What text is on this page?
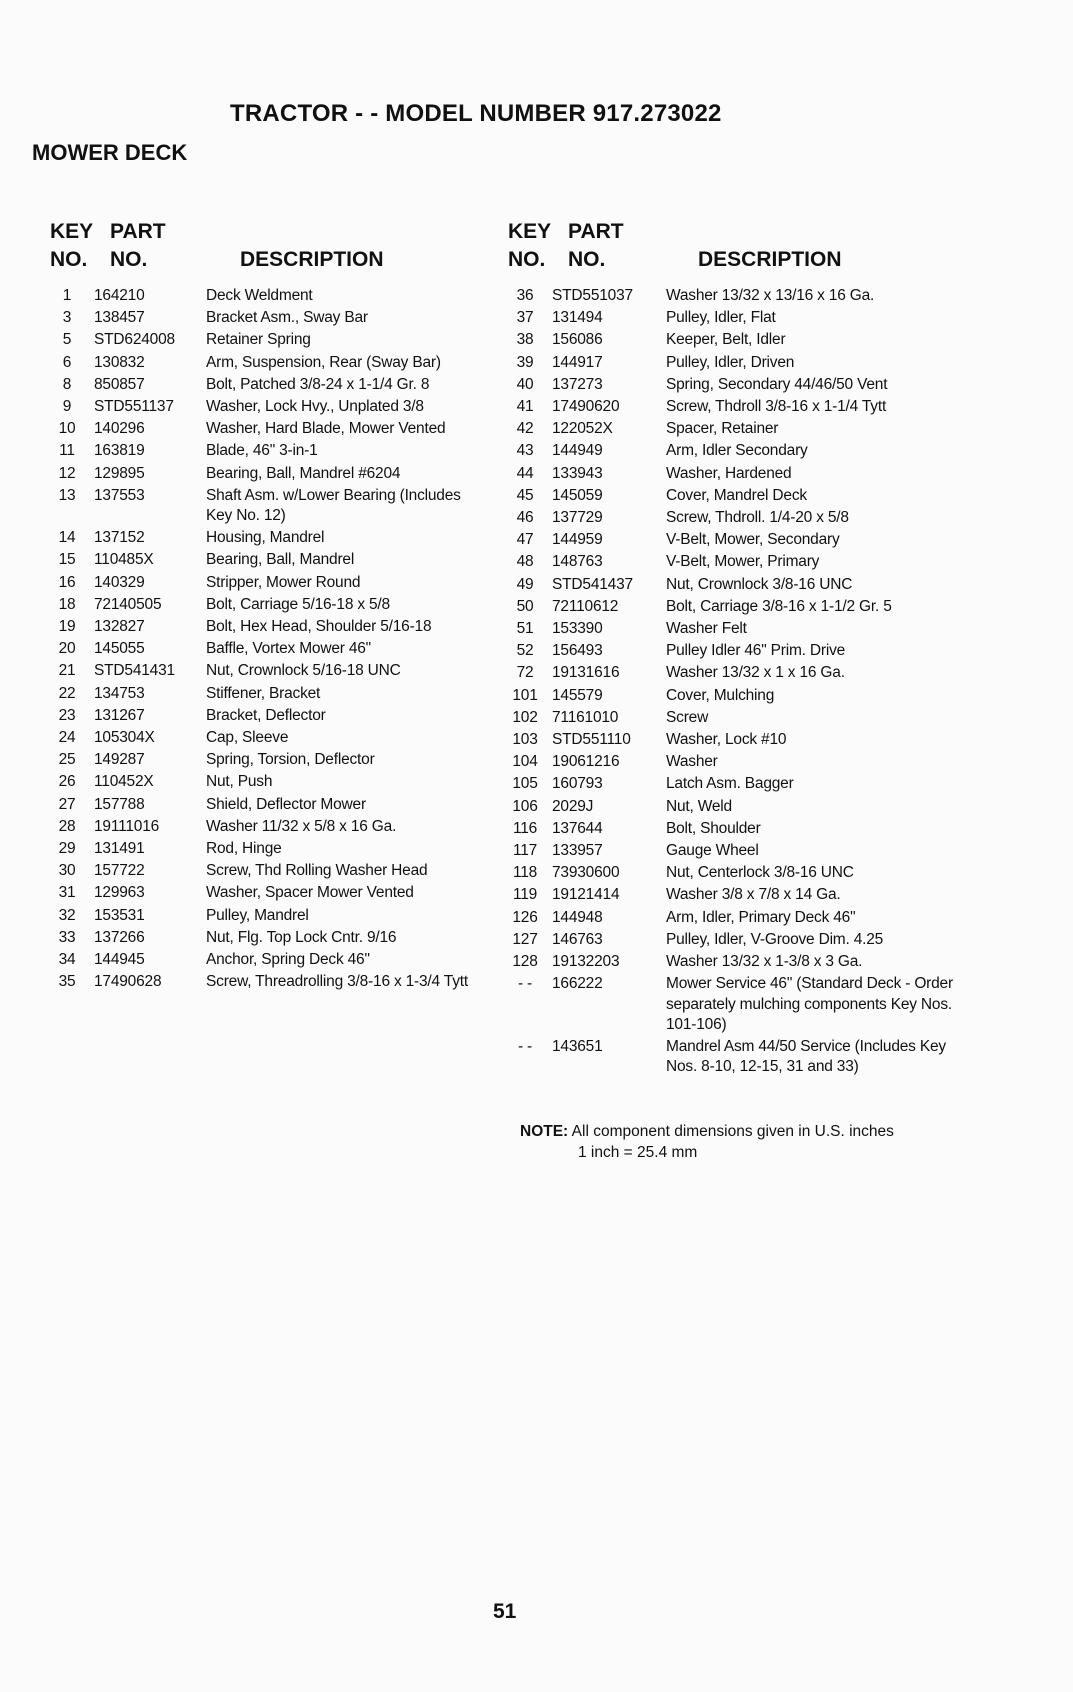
TRACTOR - - MODEL NUMBER 917.273022
MOWER DECK
KEY PART
NO.	NO.	DESCRIPTION
1	164210	Deck Weldment
3	138457	Bracket Asm., Sway Bar
5	STD624008	Retainer Spring
6	130832	Arm, Suspension, Rear (Sway Bar)
8	850857	Bolt, Patched 3/8-24 x 1-1/4 Gr. 8
9	STD551137	Washer, Lock Hvy., Unplated 3/8
10	140296	Washer, Hard Blade, Mower Vented
11	163819	Blade, 46" 3-in-1
12	129895	Bearing, Ball, Mandrel #6204
13	137553	Shaft Asm. w/Lower Bearing (Includes Key No. 12)
14	137152	Housing, Mandrel
15	110485X	Bearing, Ball, Mandrel
16	140329	Stripper, Mower Round
18	72140505	Bolt, Carriage 5/16-18 x 5/8
19	132827	Bolt, Hex Head, Shoulder 5/16-18
20	145055	Baffle, Vortex Mower 46"
21	STD541431	Nut, Crownlock 5/16-18 UNC
22	134753	Stiffener, Bracket
23	131267	Bracket, Deflector
24	105304X	Cap, Sleeve
25	149287	Spring, Torsion, Deflector
26	110452X	Nut, Push
27	157788	Shield, Deflector Mower
28	19111016	Washer 11/32 x 5/8 x 16 Ga.
29	131491	Rod, Hinge
30	157722	Screw, Thd Rolling Washer Head
31	129963	Washer, Spacer Mower Vented
32	153531	Pulley, Mandrel
33	137266	Nut, Flg. Top Lock Cntr. 9/16
34	144945	Anchor, Spring Deck 46"
35	17490628	Screw, Threadrolling 3/8-16 x 1-3/4 Tytt
KEY PART
NO.	NO.	DESCRIPTION
36	STD551037	Washer 13/32 x 13/16 x 16 Ga.
37	131494	Pulley, Idler, Flat
38	156086	Keeper, Belt, Idler
39	144917	Pulley, Idler, Driven
40	137273	Spring, Secondary 44/46/50 Vent
41	17490620	Screw, Thdroll 3/8-16 x 1-1/4 Tytt
42	122052X	Spacer, Retainer
43	144949	Arm, Idler Secondary
44	133943	Washer, Hardened
45	145059	Cover, Mandrel Deck
46	137729	Screw, Thdroll. 1/4-20 x 5/8
47	144959	V-Belt, Mower, Secondary
48	148763	V-Belt, Mower, Primary
49	STD541437	Nut, Crownlock 3/8-16 UNC
50	72110612	Bolt, Carriage 3/8-16 x 1-1/2 Gr. 5
51	153390	Washer Felt
52	156493	Pulley Idler 46" Prim. Drive
72	19131616	Washer 13/32 x 1 x 16 Ga.
101 145579	Cover, Mulching
102 71161010	Screw
103 STD551110	Washer, Lock #10
104 19061216	Washer
105 160793	Latch Asm. Bagger
106 2029J	Nut, Weld
116 137644	Bolt, Shoulder
117 133957	Gauge Wheel
118 73930600	Nut, Centerlock 3/8-16 UNC
119 19121414	Washer 3/8 x 7/8 x 14 Ga.
126 144948	Arm, Idler, Primary Deck 46"
127 146763	Pulley, Idler, V-Groove Dim. 4.25
128 19132203	Washer 13/32 x 1-3/8 x 3 Ga.
- -	166222	Mower Service 46" (Standard Deck - Order separately mulching components Key Nos. 101-106)
- -	143651	Mandrel Asm 44/50 Service (Includes Key Nos. 8-10, 12-15, 31 and 33)
NOTE: All component dimensions given in U.S. inches
1 inch = 25.4 mm
51
